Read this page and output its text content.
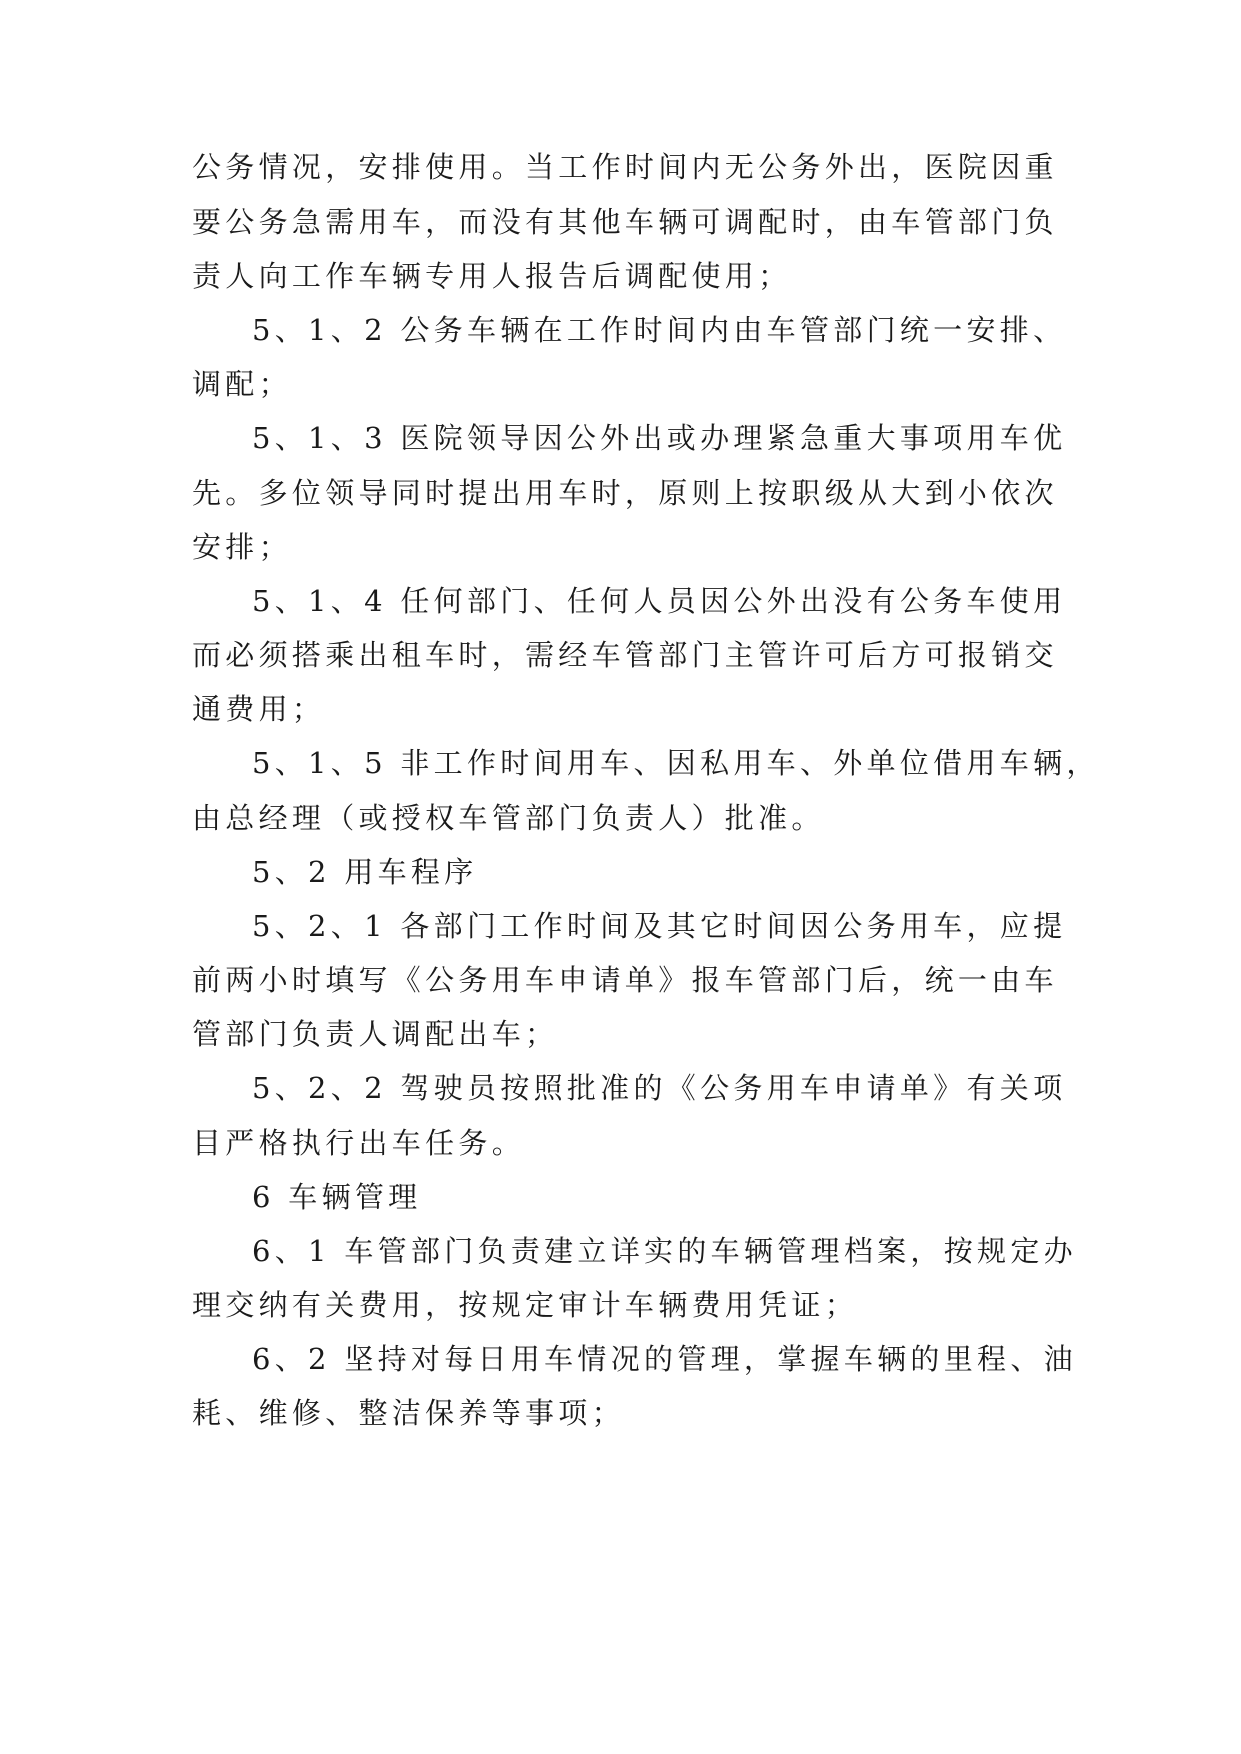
公务情况，安排使用。当工作时间内无公务外出，医院因重
要公务急需用车，而没有其他车辆可调配时，由车管部门负
责人向工作车辆专用人报告后调配使用；
5、1、2 公务车辆在工作时间内由车管部门统一安排、
调配；
5、1、3 医院领导因公外出或办理紧急重大事项用车优
先。多位领导同时提出用车时，原则上按职级从大到小依次
安排；
5、1、4 任何部门、任何人员因公外出没有公务车使用
而必须搭乘出租车时，需经车管部门主管许可后方可报销交
通费用；
5、1、5 非工作时间用车、因私用车、外单位借用车辆，
由总经理（或授权车管部门负责人）批准。
5、2 用车程序
5、2、1 各部门工作时间及其它时间因公务用车，应提
前两小时填写《公务用车申请单》报车管部门后，统一由车
管部门负责人调配出车；
5、2、2 驾驶员按照批准的《公务用车申请单》有关项
目严格执行出车任务。
6 车辆管理
6、1 车管部门负责建立详实的车辆管理档案，按规定办
理交纳有关费用，按规定审计车辆费用凭证；
6、2 坚持对每日用车情况的管理，掌握车辆的里程、油
耗、维修、整洁保养等事项；
